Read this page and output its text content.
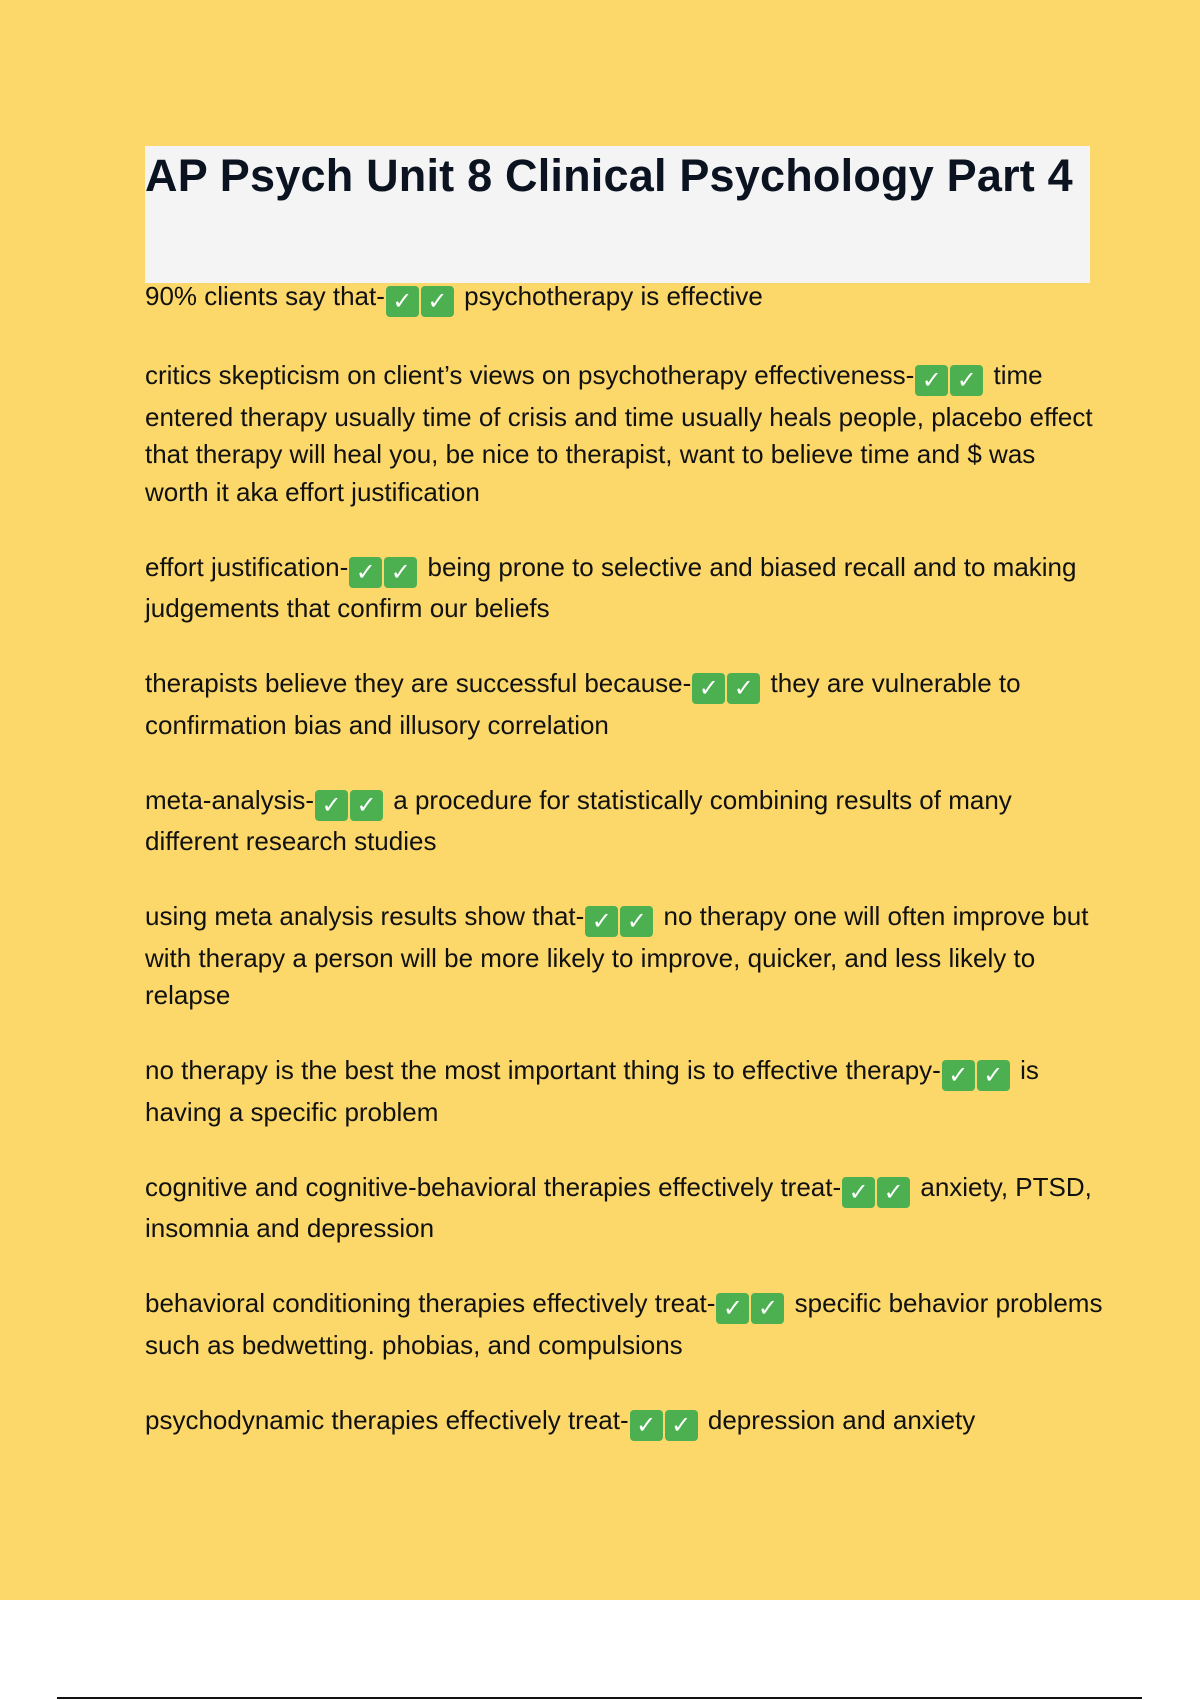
AP Psych Unit 8 Clinical Psychology Part 4

90% clients say that- ✓ ✓ psychotherapy is effective

critics skepticism on client’s views on psychotherapy effectiveness- ✓ ✓ time entered therapy usually time of crisis and time usually heals people, placebo effect that therapy will heal you, be nice to therapist, want to believe time and $ was worth it aka effort justification

effort justification- ✓ ✓ being prone to selective and biased recall and to making judgements that confirm our beliefs

therapists believe they are successful because- ✓ ✓ they are vulnerable to confirmation bias and illusory correlation

meta-analysis- ✓ ✓ a procedure for statistically combining results of many different research studies

using meta analysis results show that- ✓ ✓ no therapy one will often improve but with therapy a person will be more likely to improve, quicker, and less likely to relapse

no therapy is the best the most important thing is to effective therapy- ✓ ✓ is having a specific problem

cognitive and cognitive-behavioral therapies effectively treat- ✓ ✓ anxiety, PTSD, insomnia and depression

behavioral conditioning therapies effectively treat- ✓ ✓ specific behavior problems such as bedwetting. phobias, and compulsions

psychodynamic therapies effectively treat- ✓ ✓ depression and anxiety
